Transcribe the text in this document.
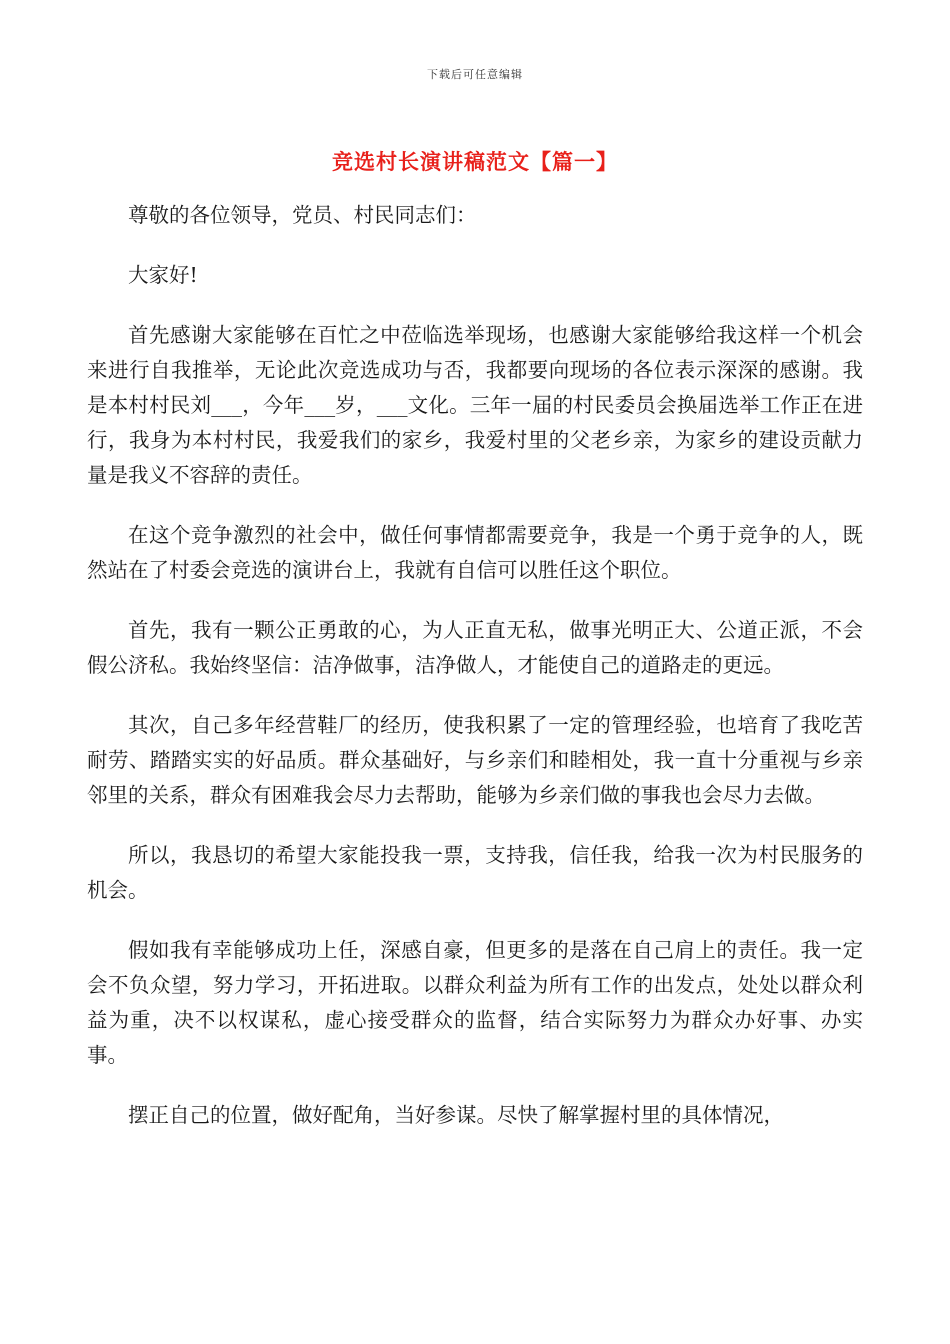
下载后可任意编辑
竞选村长演讲稿范文【篇一】

尊敬的各位领导，党员、村民同志们：

大家好!

首先感谢大家能够在百忙之中莅临选举现场，也感谢大家能够给我这样一个机会来进行自我推举，无论此次竞选成功与否，我都要向现场的各位表示深深的感谢。我是本村村民刘___，今年___岁，___文化。三年一届的村民委员会换届选举工作正在进行，我身为本村村民，我爱我们的家乡，我爱村里的父老乡亲，为家乡的建设贡献力量是我义不容辞的责任。

在这个竞争激烈的社会中，做任何事情都需要竞争，我是一个勇于竞争的人，既然站在了村委会竞选的演讲台上，我就有自信可以胜任这个职位。

首先，我有一颗公正勇敢的心，为人正直无私，做事光明正大、公道正派，不会假公济私。我始终坚信：洁净做事，洁净做人，才能使自己的道路走的更远。

其次，自己多年经营鞋厂的经历，使我积累了一定的管理经验，也培育了我吃苦耐劳、踏踏实实的好品质。群众基础好，与乡亲们和睦相处，我一直十分重视与乡亲邻里的关系，群众有困难我会尽力去帮助，能够为乡亲们做的事我也会尽力去做。

所以，我恳切的希望大家能投我一票，支持我，信任我，给我一次为村民服务的机会。

假如我有幸能够成功上任，深感自豪，但更多的是落在自己肩上的责任。我一定会不负众望，努力学习，开拓进取。以群众利益为所有工作的出发点，处处以群众利益为重，决不以权谋私，虚心接受群众的监督，结合实际努力为群众办好事、办实事。

摆正自己的位置，做好配角，当好参谋。尽快了解掌握村里的具体情况，
